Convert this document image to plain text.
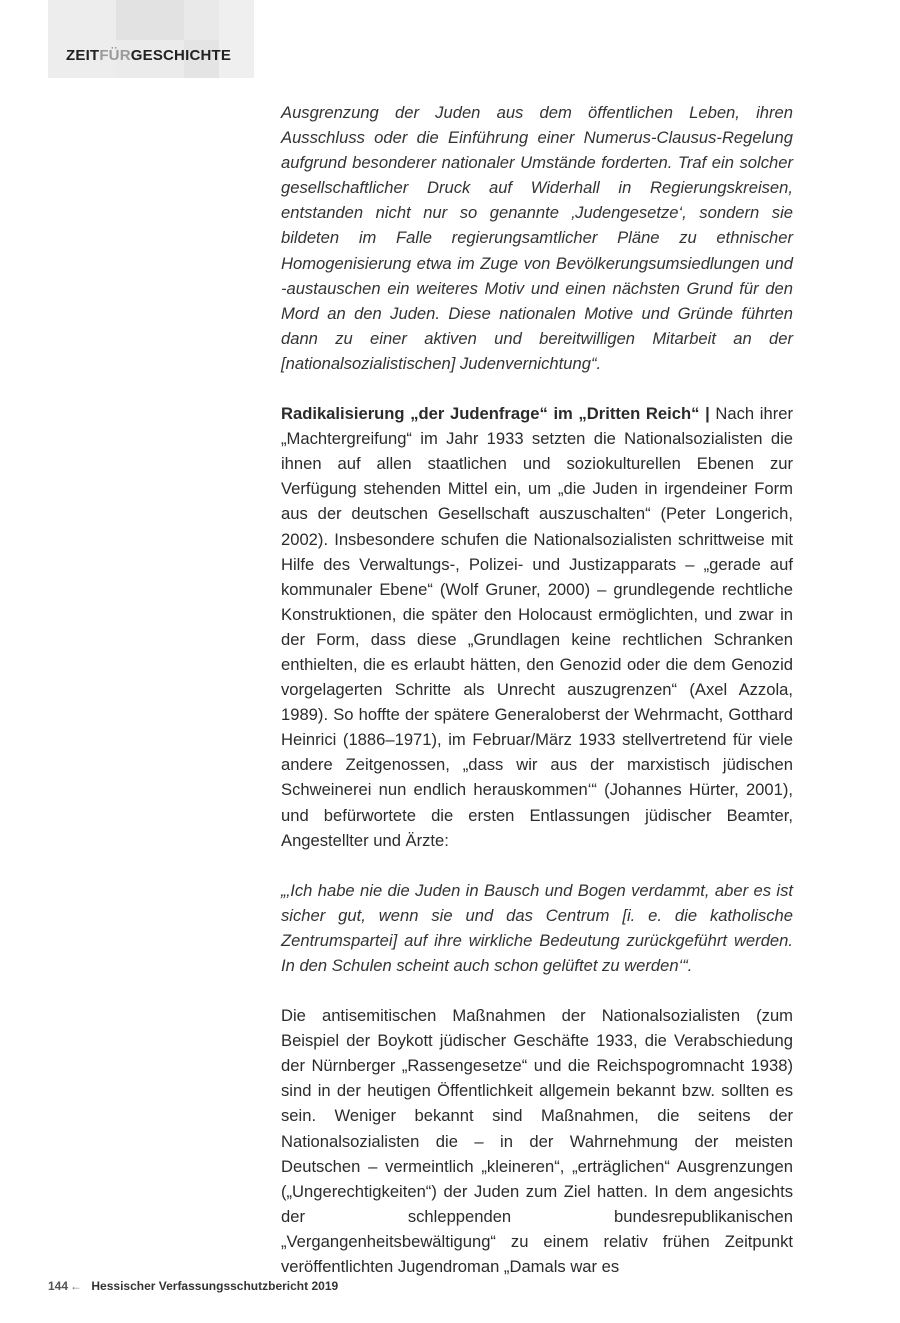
ZEITFÜRGESCHICHTE

Ausgrenzung der Juden aus dem öffentlichen Leben, ihren Ausschluss oder die Einführung einer Numerus-Clausus-Regelung aufgrund besonderer nationaler Umstände forderten. Traf ein solcher gesellschaftlicher Druck auf Widerhall in Regierungskreisen, entstanden nicht nur so genannte ‚Judengesetze‘, sondern sie bildeten im Falle regierungsamtlicher Pläne zu ethnischer Homogenisierung etwa im Zuge von Bevölkerungsumsiedlungen und -austauschen ein weiteres Motiv und einen nächsten Grund für den Mord an den Juden. Diese nationalen Motive und Gründe führten dann zu einer aktiven und bereitwilligen Mitarbeit an der [nationalsozialistischen] Judenvernichtung“.

Radikalisierung „der Judenfrage“ im „Dritten Reich“ | Nach ihrer „Machtergreifung“ im Jahr 1933 setzten die Nationalsozialisten die ihnen auf allen staatlichen und soziokulturellen Ebenen zur Verfügung stehenden Mittel ein, um „die Juden in irgendeiner Form aus der deutschen Gesellschaft auszuschalten“ (Peter Longerich, 2002). Insbesondere schufen die Nationalsozialisten schrittweise mit Hilfe des Verwaltungs-, Polizei- und Justizapparats – „gerade auf kommunaler Ebene“ (Wolf Gruner, 2000) – grundlegende rechtliche Konstruktionen, die später den Holocaust ermöglichten, und zwar in der Form, dass diese „Grundlagen keine rechtlichen Schranken enthielten, die es erlaubt hätten, den Genozid oder die dem Genozid vorgelagerten Schritte als Unrecht auszugrenzen“ (Axel Azzola, 1989). So hoffte der spätere Generaloberst der Wehrmacht, Gotthard Heinrici (1886–1971), im Februar/März 1933 stellvertretend für viele andere Zeitgenossen, „dass wir aus der marxistisch jüdischen Schweinerei nun endlich herauskommen‘“ (Johannes Hürter, 2001), und befürwortete die ersten Entlassungen jüdischer Beamter, Angestellter und Ärzte:

„‚Ich habe nie die Juden in Bausch und Bogen verdammt, aber es ist sicher gut, wenn sie und das Centrum [i. e. die katholische Zentrumspartei] auf ihre wirkliche Bedeutung zurückgeführt werden. In den Schulen scheint auch schon gelüftet zu werden‘“.

Die antisemitischen Maßnahmen der Nationalsozialisten (zum Beispiel der Boykott jüdischer Geschäfte 1933, die Verabschiedung der Nürnberger „Rassengesetze“ und die Reichspogromnacht 1938) sind in der heutigen Öffentlichkeit allgemein bekannt bzw. sollten es sein. Weniger bekannt sind Maßnahmen, die seitens der Nationalsozialisten die – in der Wahrnehmung der meisten Deutschen – vermeintlich „kleineren“, „erträglichen“ Ausgrenzungen („Ungerechtigkeiten“) der Juden zum Ziel hatten. In dem angesichts der schleppenden bundesrepublikanischen „Vergangenheitsbewältigung“ zu einem relativ frühen Zeitpunkt veröffentlichten Jugendroman „Damals war es

144 ← Hessischer Verfassungsschutzbericht 2019
